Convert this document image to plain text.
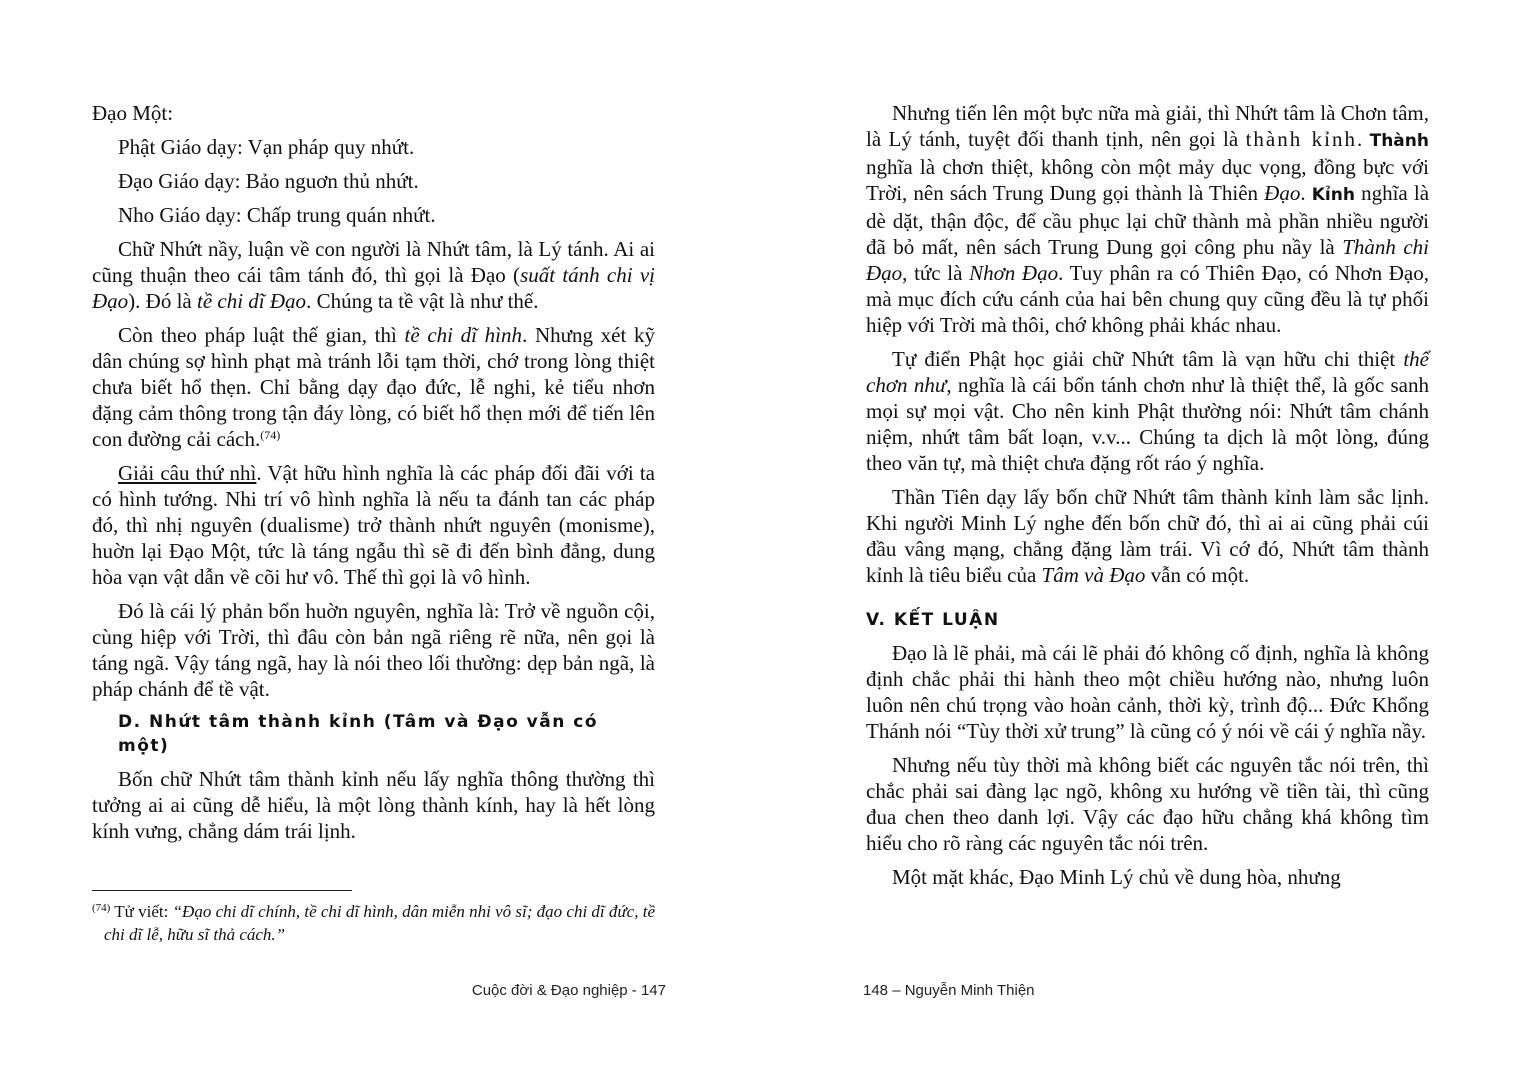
Đạo Một:

Phật Giáo dạy: Vạn pháp quy nhứt.

Đạo Giáo dạy: Bảo nguơn thủ nhứt.

Nho Giáo dạy: Chấp trung quán nhứt.

Chữ Nhứt nầy, luận về con người là Nhứt tâm, là Lý tánh. Ai ai cũng thuận theo cái tâm tánh đó, thì gọi là Đạo (suất tánh chi vị Đạo). Đó là tề chi dĩ Đạo. Chúng ta tề vật là như thế.

Còn theo pháp luật thế gian, thì tề chi dĩ hình. Nhưng xét kỹ dân chúng sợ hình phạt mà tránh lỗi tạm thời, chớ trong lòng thiệt chưa biết hổ thẹn. Chỉ bằng dạy đạo đức, lễ nghi, kẻ tiểu nhơn đặng cảm thông trong tận đáy lòng, có biết hổ thẹn mới để tiến lên con đường cải cách.$^{(74)}$

Giải câu thứ nhì. Vật hữu hình nghĩa là các pháp đối đãi với ta có hình tướng. Nhi trí vô hình nghĩa là nếu ta đánh tan các pháp đó, thì nhị nguyên (dualisme) trở thành nhứt nguyên (monisme), huờn lại Đạo Một, tức là táng ngẫu thì sẽ đi đến bình đẳng, dung hòa vạn vật dẫn về cõi hư vô. Thế thì gọi là vô hình.

Đó là cái lý phản bổn huờn nguyên, nghĩa là: Trở về nguồn cội, cùng hiệp với Trời, thì đâu còn bản ngã riêng rẽ nữa, nên gọi là táng ngã. Vậy táng ngã, hay là nói theo lối thường: dẹp bản ngã, là pháp chánh để tề vật.

D. Nhứt tâm thành kỉnh (Tâm và Đạo vẫn có một)

Bốn chữ Nhứt tâm thành kỉnh nếu lấy nghĩa thông thường thì tưởng ai ai cũng dễ hiểu, là một lòng thành kính, hay là hết lòng kính vưng, chẳng dám trái lịnh.

$^{(74)}$ Tử viết: “Đạo chi dĩ chính, tề chi dĩ hình, dân miễn nhi vô sĩ; đạo chi dĩ đức, tề chi dĩ lễ, hữu sĩ thả cách.”

Cuộc đời & Đạo nghiệp - 147

Nhưng tiến lên một bực nữa mà giải, thì Nhứt tâm là Chơn tâm, là Lý tánh, tuyệt đối thanh tịnh, nên gọi là thành kỉnh. Thành nghĩa là chơn thiệt, không còn một mảy dục vọng, đồng bực với Trời, nên sách Trung Dung gọi thành là Thiên Đạo. Kỉnh nghĩa là dè dặt, thận độc, để cầu phục lại chữ thành mà phần nhiều người đã bỏ mất, nên sách Trung Dung gọi công phu nầy là Thành chi Đạo, tức là Nhơn Đạo. Tuy phân ra có Thiên Đạo, có Nhơn Đạo, mà mục đích cứu cánh của hai bên chung quy cũng đều là tự phối hiệp với Trời mà thôi, chớ không phải khác nhau.

Tự điển Phật học giải chữ Nhứt tâm là vạn hữu chi thiệt thể chơn như, nghĩa là cái bổn tánh chơn như là thiệt thể, là gốc sanh mọi sự mọi vật. Cho nên kinh Phật thường nói: Nhứt tâm chánh niệm, nhứt tâm bất loạn, v.v... Chúng ta dịch là một lòng, đúng theo văn tự, mà thiệt chưa đặng rốt ráo ý nghĩa.

Thần Tiên dạy lấy bốn chữ Nhứt tâm thành kỉnh làm sắc lịnh. Khi người Minh Lý nghe đến bốn chữ đó, thì ai ai cũng phải cúi đầu vâng mạng, chẳng đặng làm trái. Vì cớ đó, Nhứt tâm thành kỉnh là tiêu biểu của Tâm và Đạo vẫn có một.

V. KẾT LUẬN

Đạo là lẽ phải, mà cái lẽ phải đó không cố định, nghĩa là không định chắc phải thi hành theo một chiều hướng nào, nhưng luôn luôn nên chú trọng vào hoàn cảnh, thời kỳ, trình độ... Đức Khổng Thánh nói “Tùy thời xử trung” là cũng có ý nói về cái ý nghĩa nầy.

Nhưng nếu tùy thời mà không biết các nguyên tắc nói trên, thì chắc phải sai đàng lạc ngõ, không xu hướng về tiền tài, thì cũng đua chen theo danh lợi. Vậy các đạo hữu chẳng khá không tìm hiểu cho rõ ràng các nguyên tắc nói trên.

Một mặt khác, Đạo Minh Lý chủ về dung hòa, nhưng

148 – Nguyễn Minh Thiện
